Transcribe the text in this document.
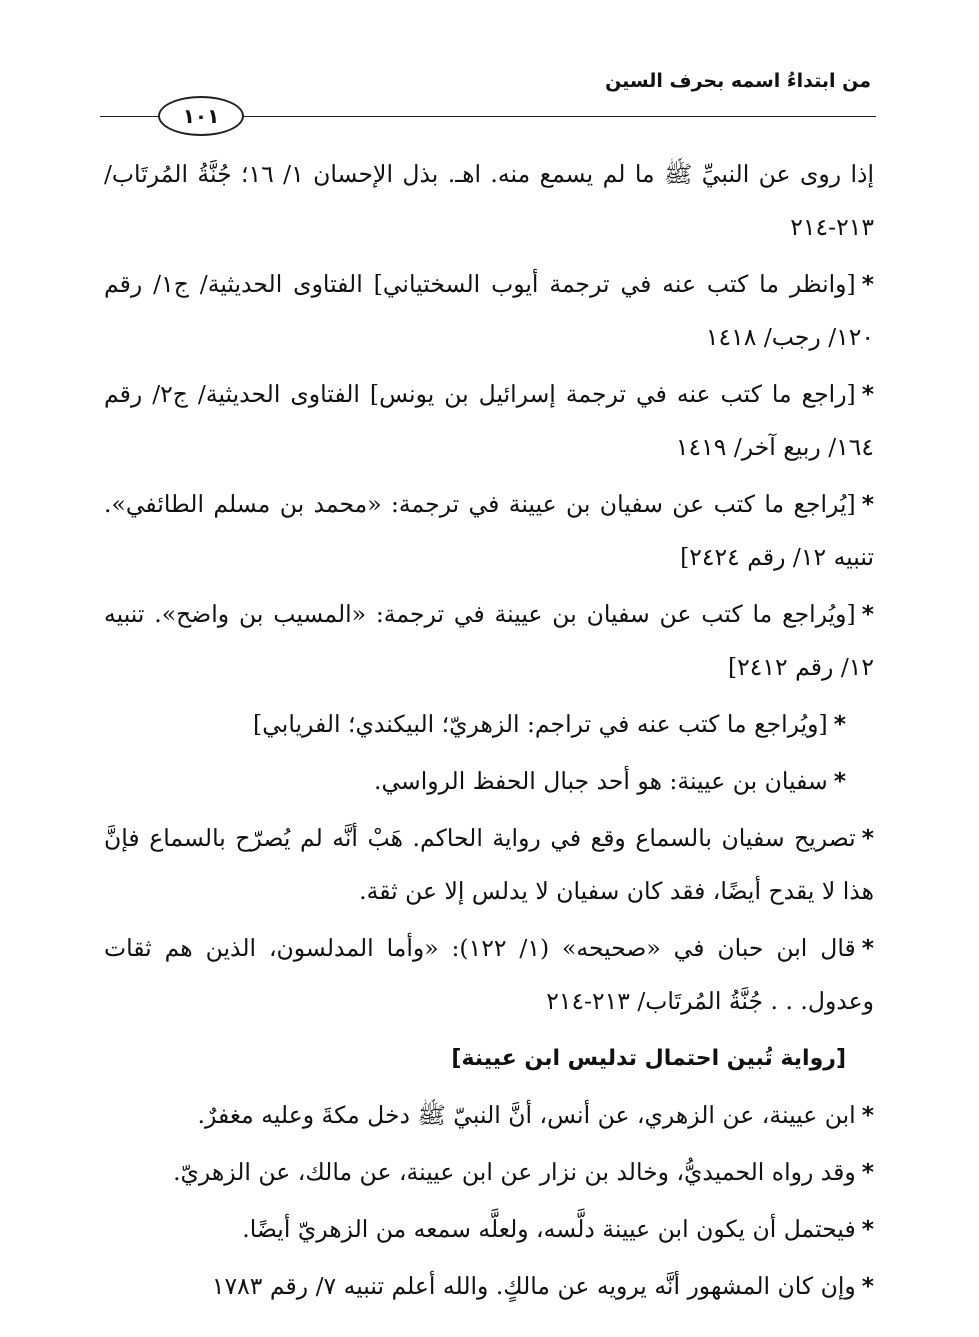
من ابتداءُ اسمه بحرف السين
١٠١

إذا روى عن النبيِّ ﷺ ما لم يسمع منه. اهـ. بذل الإحسان ١/ ١٦؛ جُنَّةُ المُرتَاب/ ٢١٣-٢١٤

*[وانظر ما كتب عنه في ترجمة أيوب السختياني] الفتاوى الحديثية/ ج١/ رقم ١٢٠/ رجب/ ١٤١٨

*[راجع ما كتب عنه في ترجمة إسرائيل بن يونس] الفتاوى الحديثية/ ج٢/ رقم ١٦٤/ ربيع آخر/ ١٤١٩

*[يُراجع ما كتب عن سفيان بن عيينة في ترجمة: «محمد بن مسلم الطائفي». تنبيه ١٢/ رقم ٢٤٢٤]

*[ويُراجع ما كتب عن سفيان بن عيينة في ترجمة: «المسيب بن واضح». تنبيه ١٢/ رقم ٢٤١٢]

*[ويُراجع ما كتب عنه في تراجم: الزهريّ؛ البيكندي؛ الفريابي]

*سفيان بن عيينة: هو أحد جبال الحفظ الرواسي.

*تصريح سفيان بالسماع وقع في رواية الحاكم. هَبْ أنَّه لم يُصرّح بالسماع فإنَّ هذا لا يقدح أيضًا، فقد كان سفيان لا يدلس إلا عن ثقة.

*قال ابن حبان في «صحيحه» (١/ ١٢٢): «وأما المدلسون، الذين هم ثقات وعدول. . . جُنَّةُ المُرتَاب/ ٢١٣-٢١٤

[رواية تُبين احتمال تدليس ابن عيينة]

*ابن عيينة، عن الزهري، عن أنس، أنَّ النبيّ ﷺ دخل مكةَ وعليه مغفرٌ.

*وقد رواه الحميديُّ، وخالد بن نزار عن ابن عيينة، عن مالك، عن الزهريّ.

*فيحتمل أن يكون ابن عيينة دلَّسه، ولعلَّه سمعه من الزهريّ أيضًا.

*وإن كان المشهور أنَّه يرويه عن مالكٍ. والله أعلم تنبيه ٧/ رقم ١٧٨٣
